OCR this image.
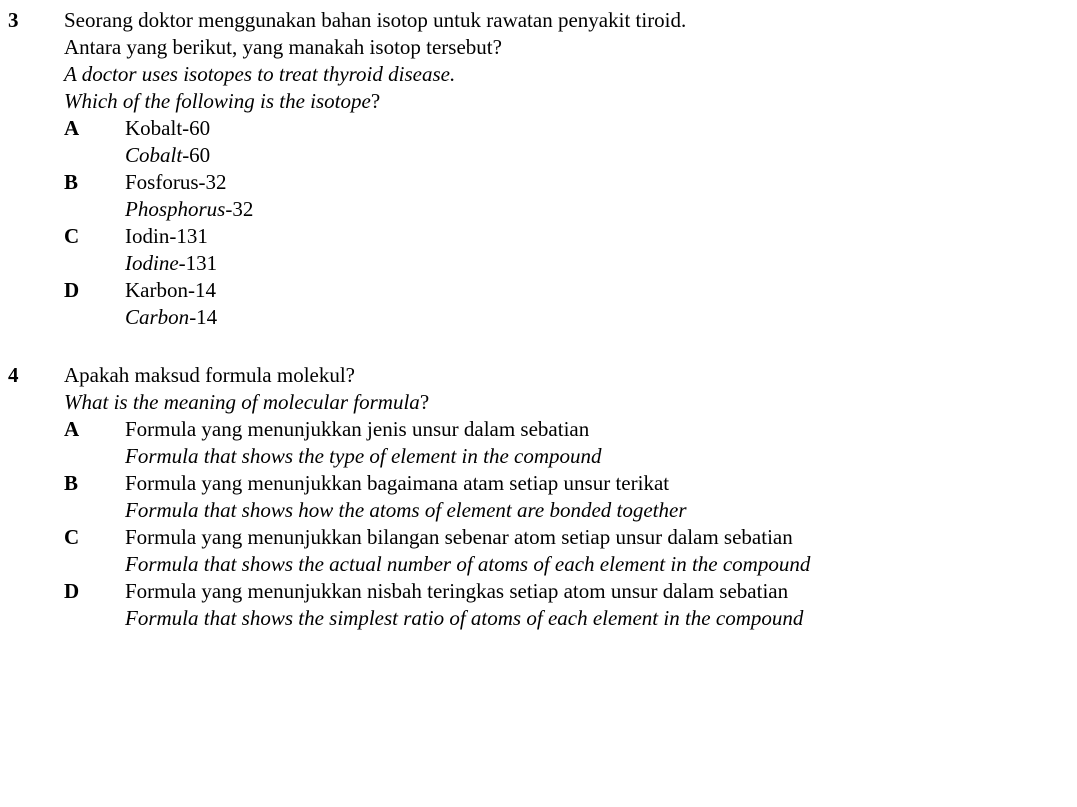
3 Seorang doktor menggunakan bahan isotop untuk rawatan penyakit tiroid.
Antara yang berikut, yang manakah isotop tersebut?
A doctor uses isotopes to treat thyroid disease.
Which of the following is the isotope?
A Kobalt-60
Cobalt-60
B Fosforus-32
Phosphorus-32
C Iodin-131
Iodine-131
D Karbon-14
Carbon-14
4 Apakah maksud formula molekul?
What is the meaning of molecular formula?
A Formula yang menunjukkan jenis unsur dalam sebatian
Formula that shows the type of element in the compound
B Formula yang menunjukkan bagaimana atam setiap unsur terikat
Formula that shows how the atoms of element are bonded together
C Formula yang menunjukkan bilangan sebenar atom setiap unsur dalam sebatian
Formula that shows the actual number of atoms of each element in the compound
D Formula yang menunjukkan nisbah teringkas setiap atom unsur dalam sebatian
Formula that shows the simplest ratio of atoms of each element in the compound
